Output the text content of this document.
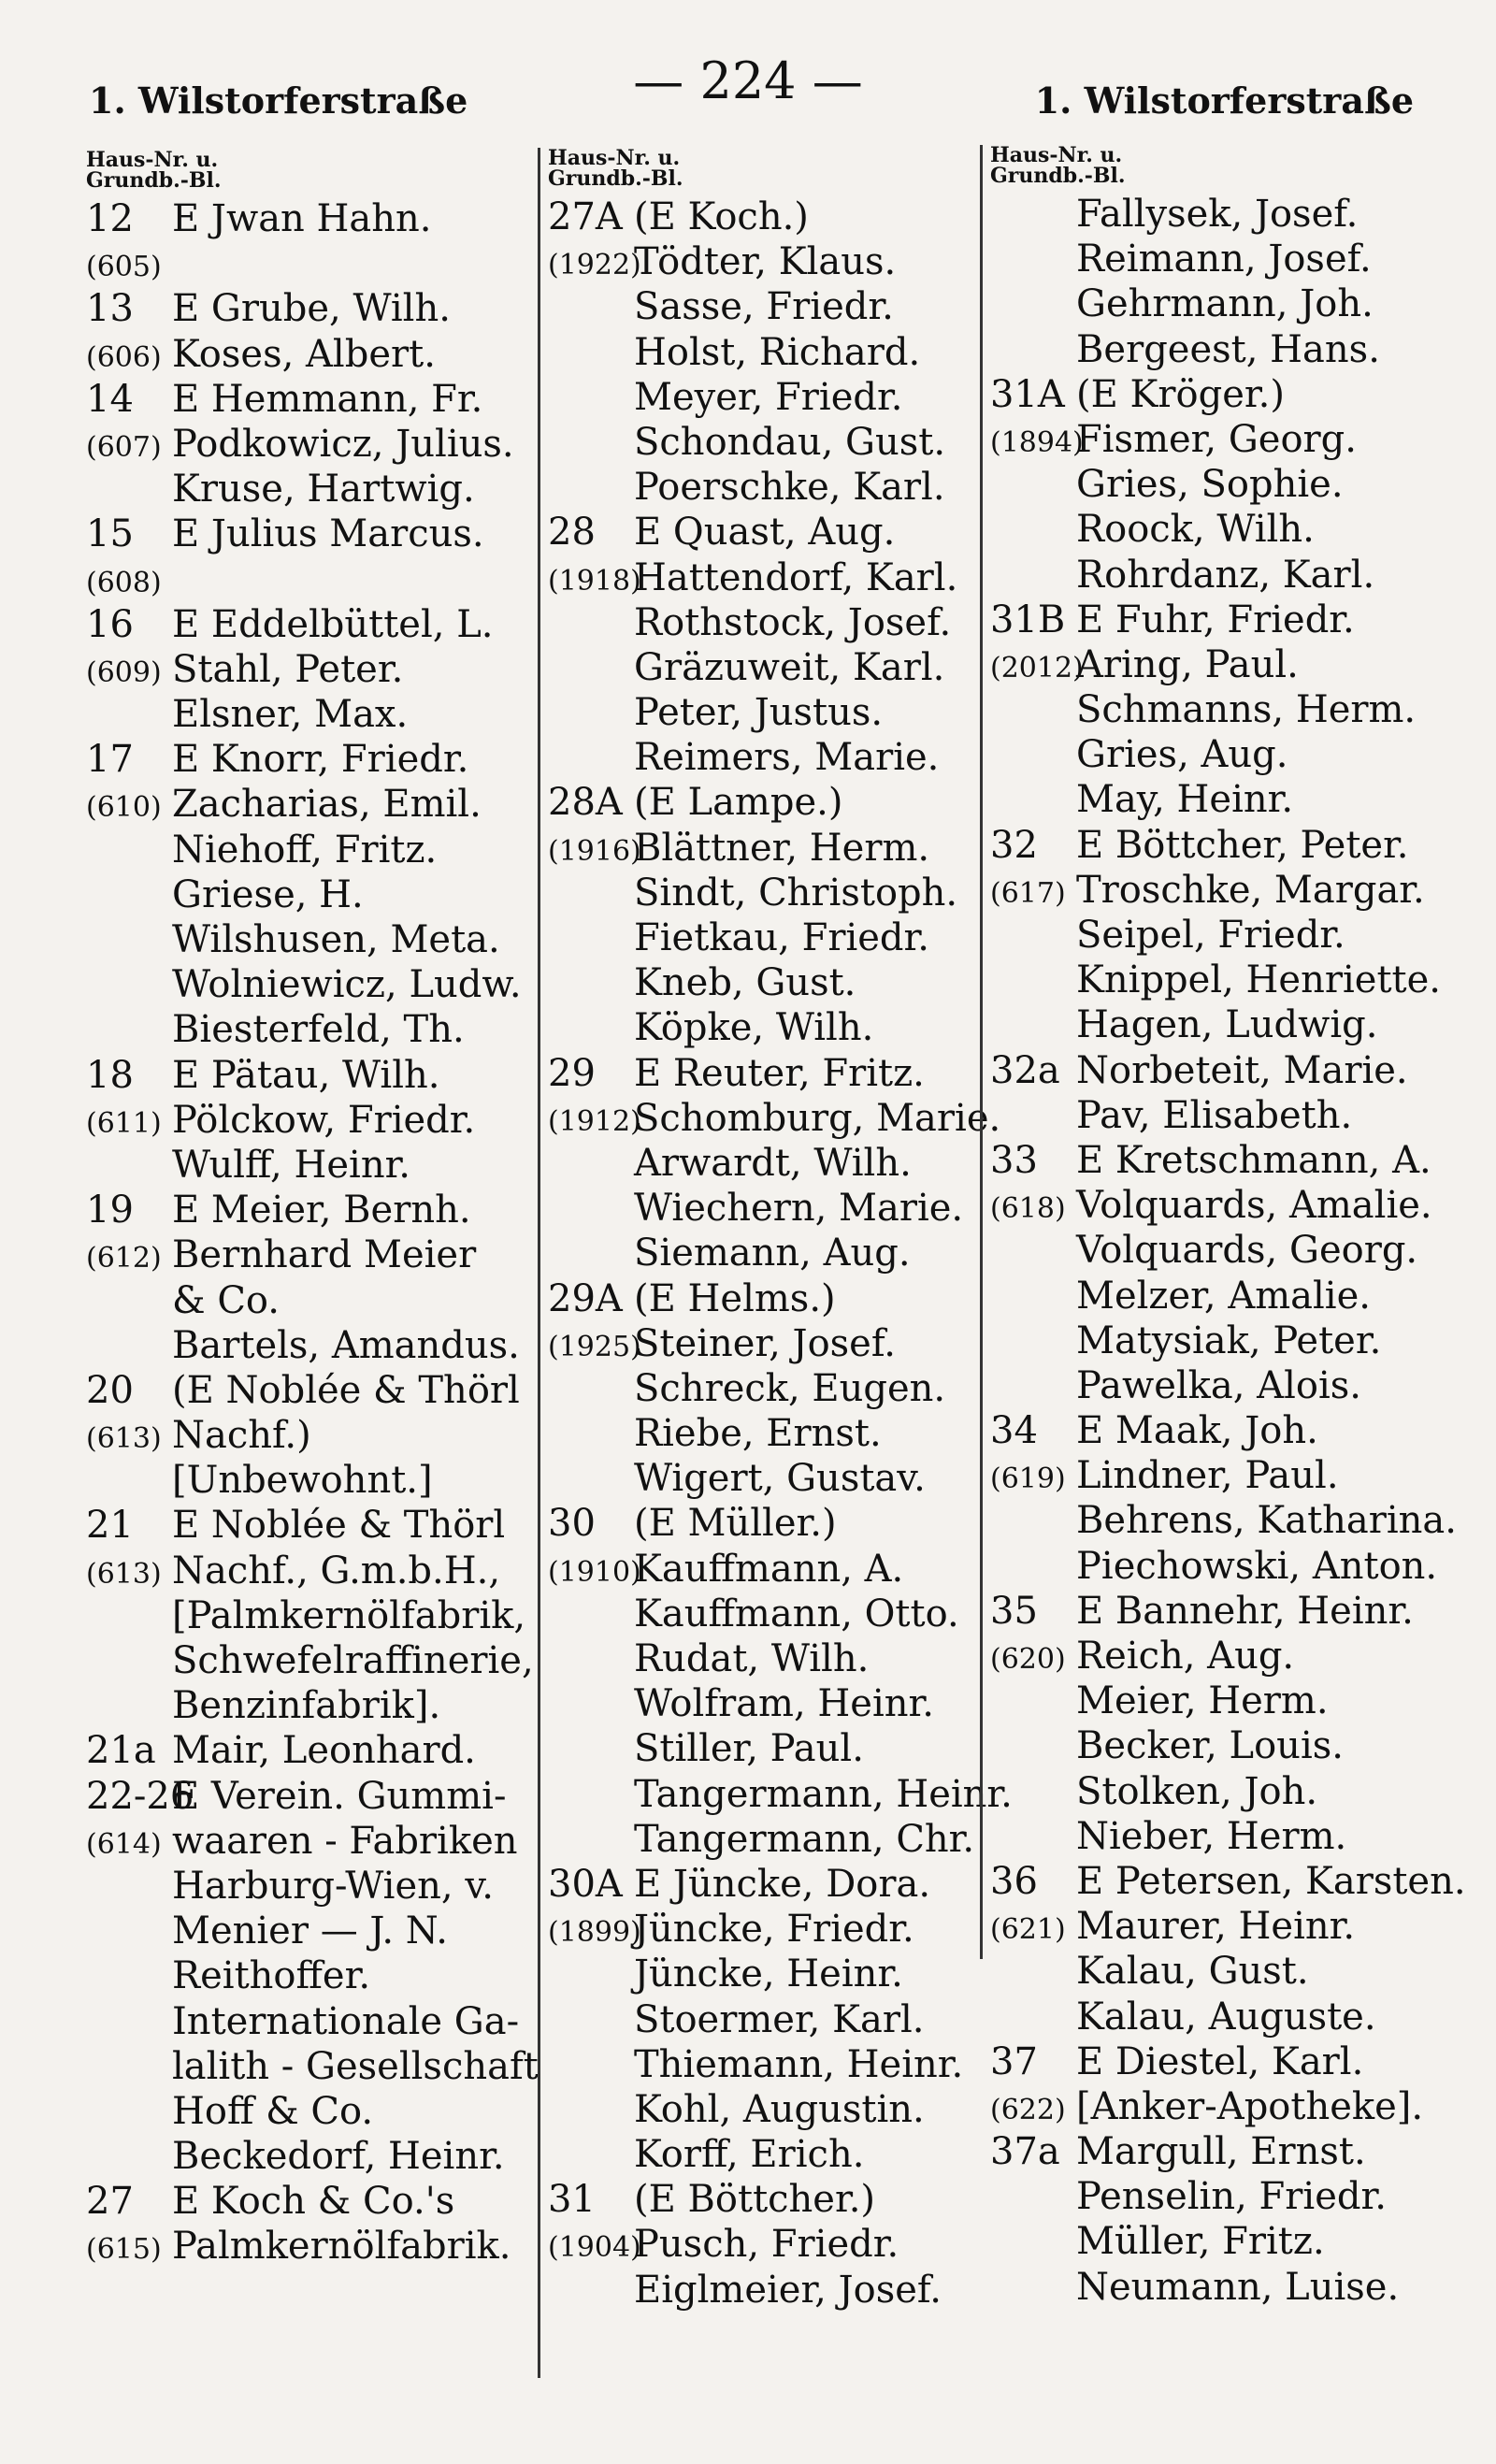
1. Wilstorferstraße	— 224 —	1. Wilstorferstraße
Haus-Nr. u.
Grundb.-Bl.
12 E Jwan Hahn.
(605)
13 E Grube, Wilh.
(606) Koses, Albert.
14 E Hemmann, Fr.
(607) Podkowicz, Julius.
Kruse, Hartwig.
15 E Julius Marcus.
(608)
16 E Eddelbüttel, L.
(609) Stahl, Peter.
Elsner, Max.
17 E Knorr, Friedr.
(610) Zacharias, Emil.
Niehoff, Fritz.
Griese, H.
Wilshusen, Meta.
Wolniewicz, Ludw.
Biesterfeld, Th.
18 E Pätau, Wilh.
(611) Pölckow, Friedr.
Wulff, Heinr.
19 E Meier, Bernh.
(612) Bernhard Meier
& Co.
Bartels, Amandus.
20 (E Noblée & Thörl
(613) Nachf.)
[Unbewohnt.]
21 E Noblée & Thörl
(613) Nachf., G.m.b.H.,
[Palmkernölfabrik,
Schwefelraffinerie,
Benzinfabrik].
21a Mair, Leonhard.
22-26E Verein. Gummi-
(614) waaren - Fabriken
Harburg-Wien, v.
Menier — J. N.
Reithoffer.
Internationale Ga-
lalith - Gesellschaft
Hoff & Co.
Beckedorf, Heinr.
27 E Koch & Co.'s
(615) Palmkernölfabrik.
Haus-Nr. u.
Grundb.-Bl.
27A (E Koch.)
(1922)Tödter, Klaus.
Sasse, Friedr.
Holst, Richard.
Meyer, Friedr.
Schondau, Gust.
Poerschke, Karl.
28 E Quast, Aug.
(1918)Hattendorf, Karl.
Rothstock, Josef.
Gräzuweit, Karl.
Peter, Justus.
Reimers, Marie.
28A (E Lampe.)
(1916)Blättner, Herm.
Sindt, Christoph.
Fietkau, Friedr.
Kneb, Gust.
Köpke, Wilh.
29 E Reuter, Fritz.
(1912)Schomburg, Marie.
Arwardt, Wilh.
Wiechern, Marie.
Siemann, Aug.
29A (E Helms.)
(1925)Steiner, Josef.
Schreck, Eugen.
Riebe, Ernst.
Wigert, Gustav.
30 (E Müller.)
(1910)Kauffmann, A.
Kauffmann, Otto.
Rudat, Wilh.
Wolfram, Heinr.
Stiller, Paul.
Tangermann, Heinr.
Tangermann, Chr.
30A E Jüncke, Dora.
(1899)Jüncke, Friedr.
Jüncke, Heinr.
Stoermer, Karl.
Thiemann, Heinr.
Kohl, Augustin.
Korff, Erich.
31 (E Böttcher.)
(1904)Pusch, Friedr.
Eiglmeier, Josef.
Haus-Nr. u.
Grundb.-Bl.
Fallysek, Josef.
Reimann, Josef.
Gehrmann, Joh.
Bergeest, Hans.
31A (E Kröger.)
(1894)Fismer, Georg.
Gries, Sophie.
Roock, Wilh.
Rohrdanz, Karl.
31B E Fuhr, Friedr.
(2012)Aring, Paul.
Schmanns, Herm.
Gries, Aug.
May, Heinr.
32 E Böttcher, Peter.
(617) Troschke, Margar.
Seipel, Friedr.
Knippel, Henriette.
Hagen, Ludwig.
32a Norbeteit, Marie.
Pav, Elisabeth.
33 E Kretschmann, A.
(618) Volquards, Amalie.
Volquards, Georg.
Melzer, Amalie.
Matysiak, Peter.
Pawelka, Alois.
34 E Maak, Joh.
(619) Lindner, Paul.
Behrens, Katharina.
Piechowski, Anton.
35 E Bannehr, Heinr.
(620) Reich, Aug.
Meier, Herm.
Becker, Louis.
Stolken, Joh.
Nieber, Herm.
36 E Petersen, Karsten.
(621) Maurer, Heinr.
Kalau, Gust.
Kalau, Auguste.
37 E Diestel, Karl.
(622) [Anker-Apotheke].
37a Margull, Ernst.
Penselin, Friedr.
Müller, Fritz.
Neumann, Luise.
